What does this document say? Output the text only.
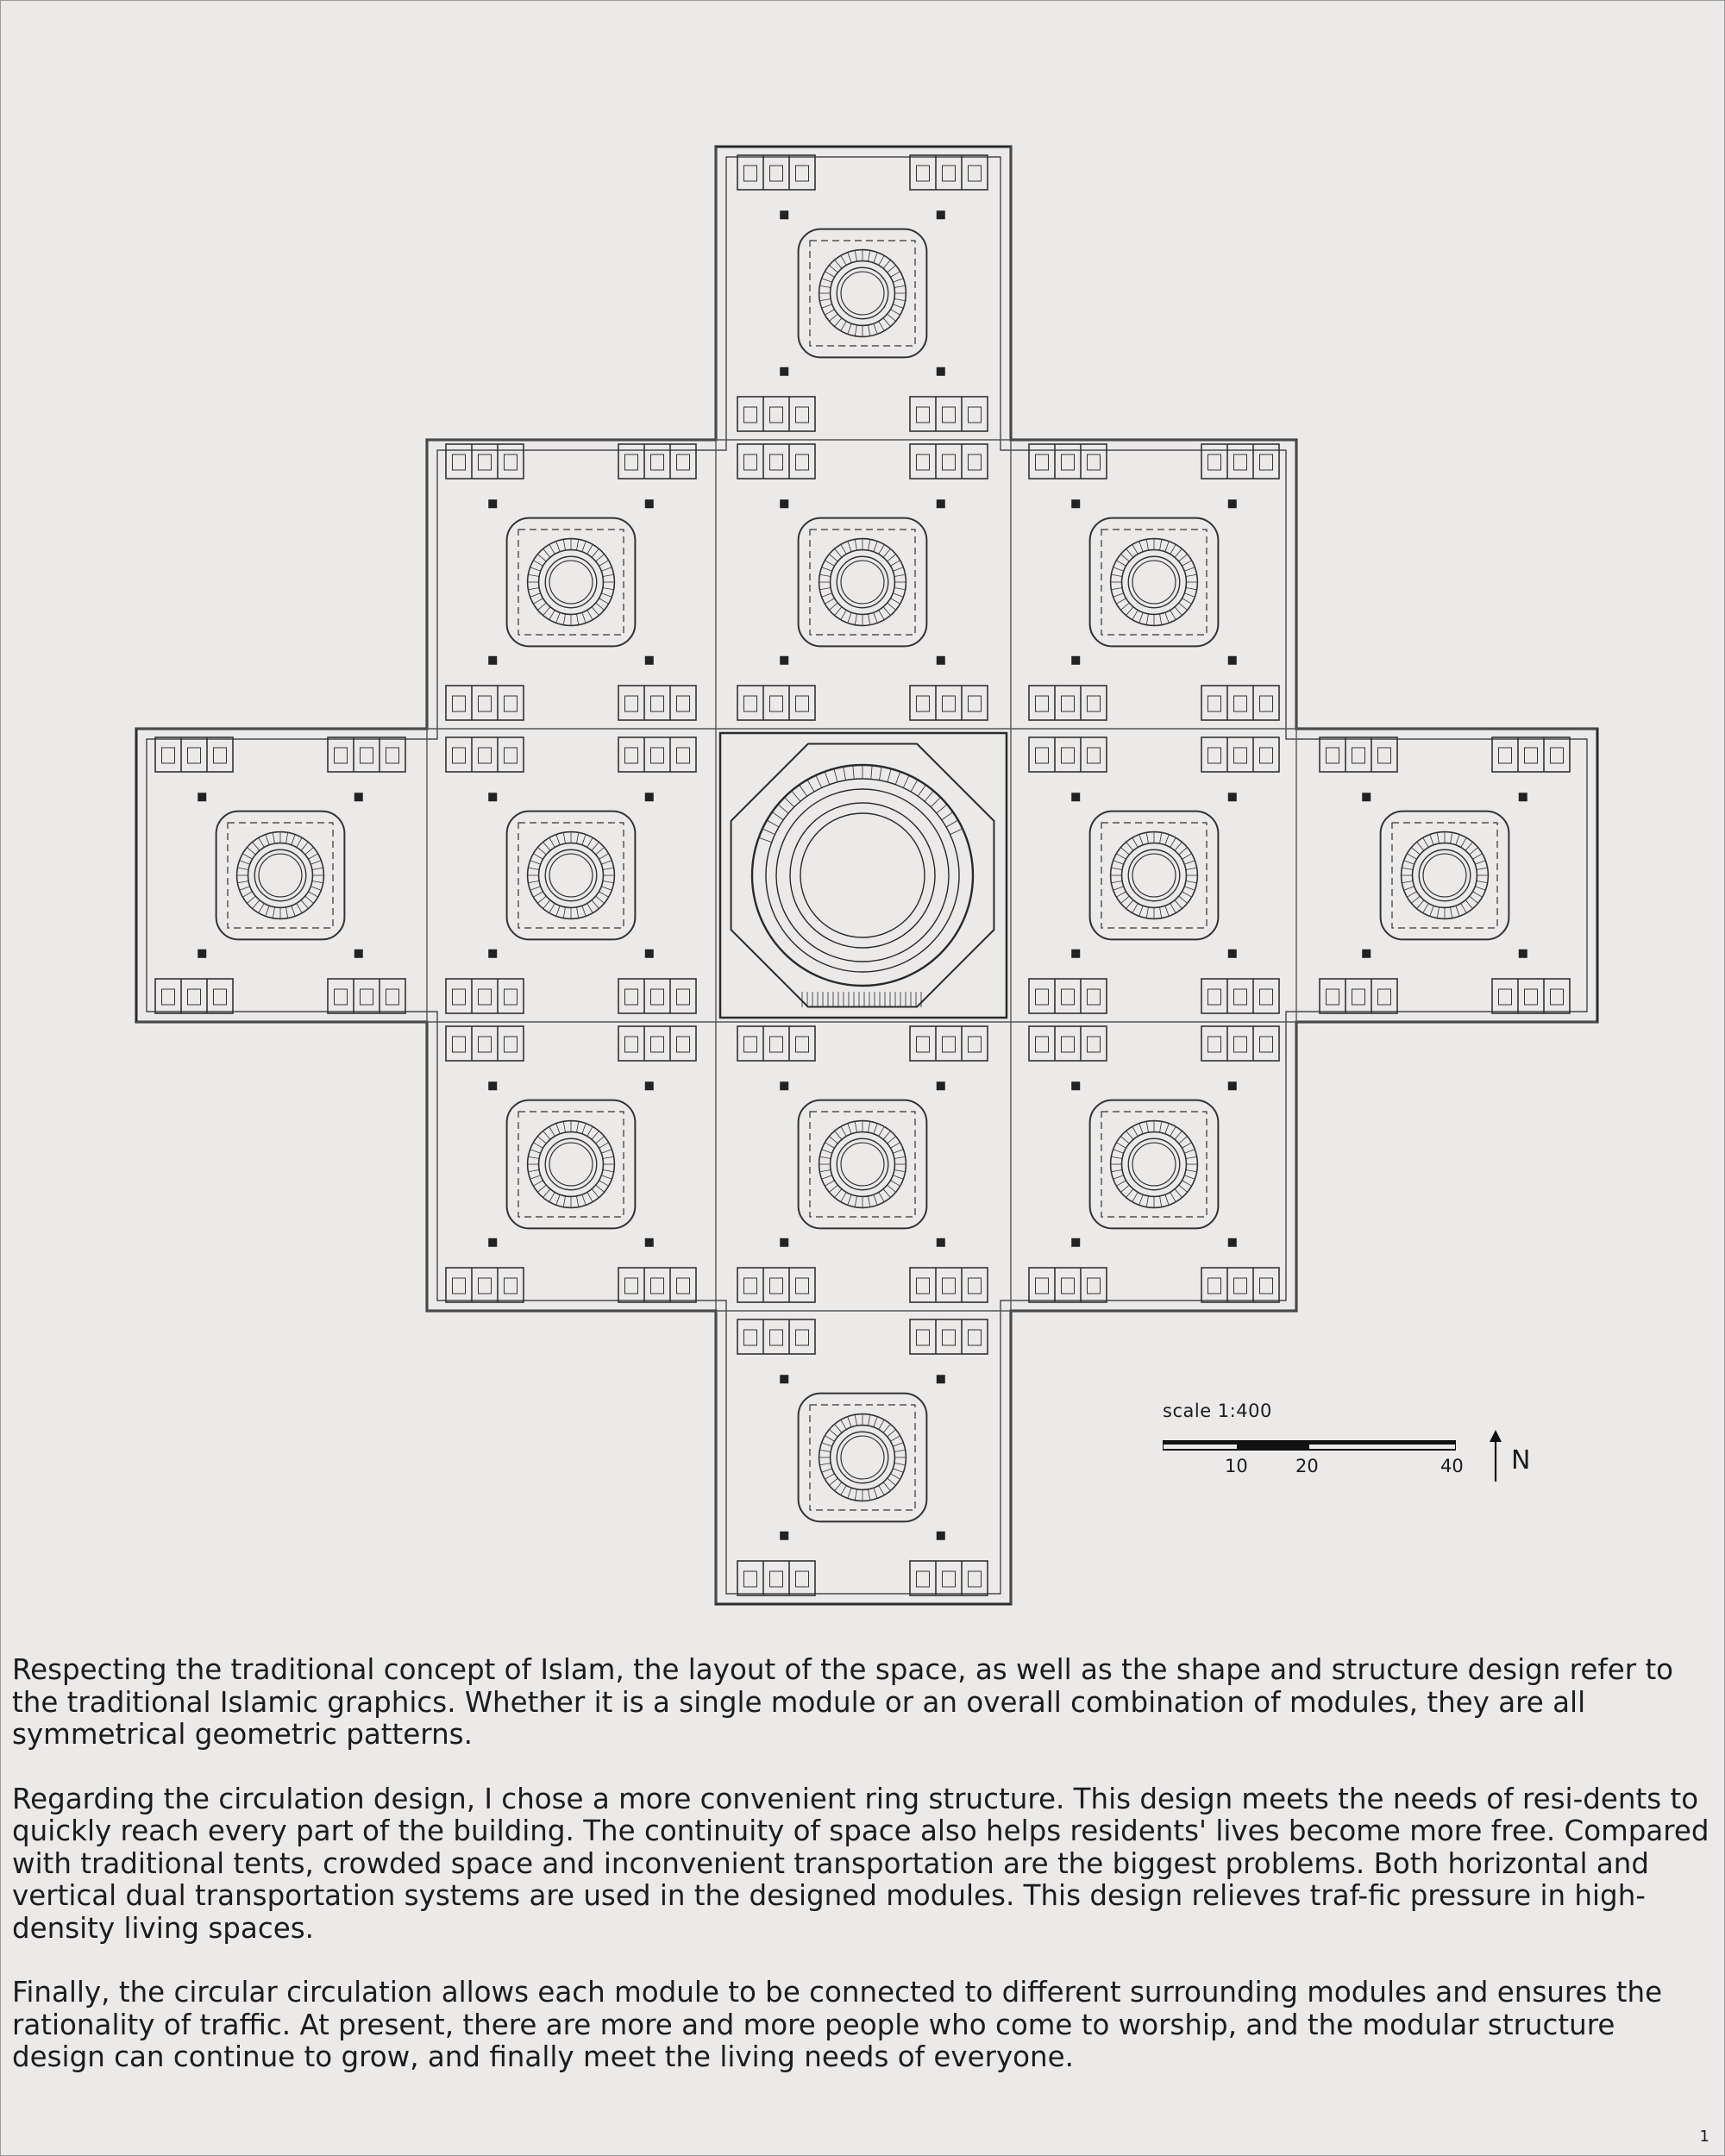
scale 1:400
10	20	40 N

Respecting the traditional concept of Islam, the layout of the space, as well as the shape and structure design refer to the traditional Islamic graphics. Whether it is a single module or an overall combination of modules, they are all symmetrical geometric patterns.

Regarding the circulation design, I chose a more convenient ring structure. This design meets the needs of resi-dents to quickly reach every part of the building. The continuity of space also helps residents' lives become more free. Compared with traditional tents, crowded space and inconvenient transportation are the biggest problems. Both horizontal and vertical dual transportation systems are used in the designed modules. This design relieves traf-fic pressure in high-density living spaces.

Finally, the circular circulation allows each module to be connected to different surrounding modules and ensures the rationality of traffic. At present, there are more and more people who come to worship, and the modular structure design can continue to grow, and finally meet the living needs of everyone.

1
